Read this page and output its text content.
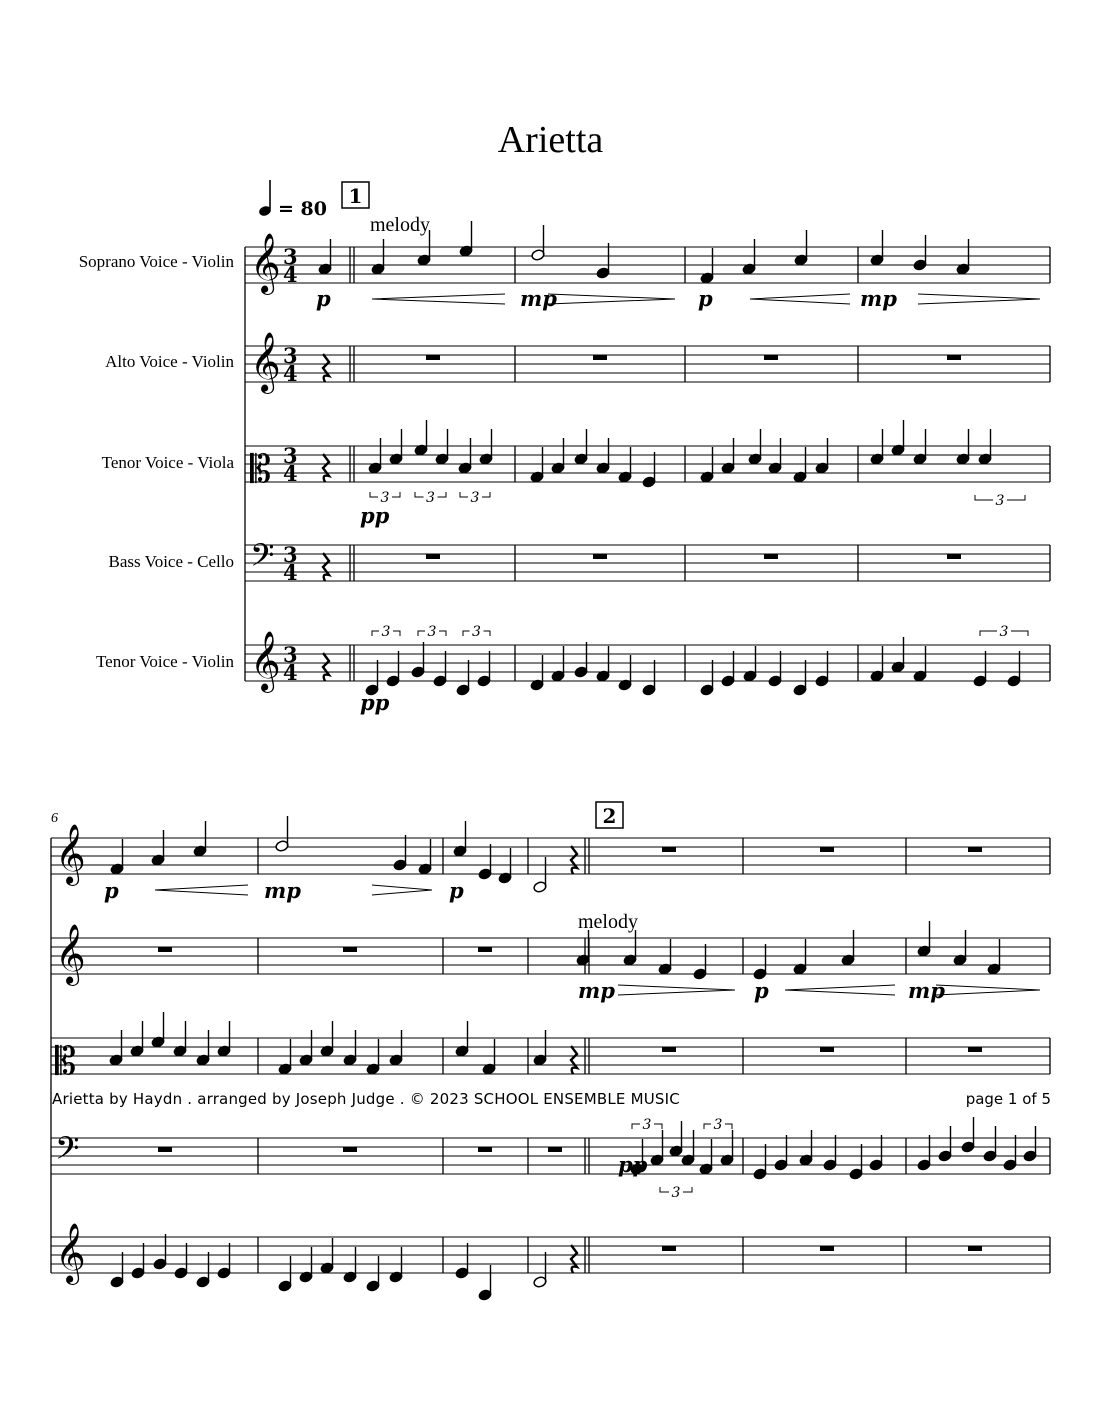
Arietta
Soprano Voice - Violin
Alto Voice - Violin
Tenor Voice - Viola
Bass Voice - Cello
Tenor Voice - Violin
𝄞 3
4
𝄞 3
4
𝄡 3
4
𝄢 3
4
𝄞 3
4
3	3	3	3
3	3	3	3
𝄞
𝄞
𝄡
𝄢
𝄞
3	3
3
= 80
1
melody
2
melody
6
p	mp	p	mp
pp
pp
p	mp	p
mp	p	mp
pp
Arietta by Haydn . arranged by Joseph Judge . © 2023 SCHOOL ENSEMBLE MUSIC	page 1 of 5
